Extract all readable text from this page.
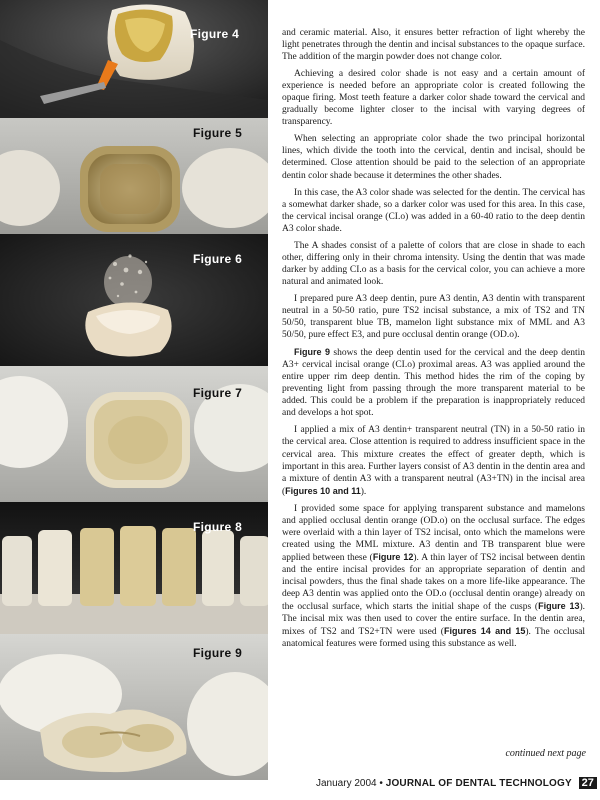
Figure 4
Figure 5
Figure 6
Figure 7
Figure 8
Figure 9

and ceramic material. Also, it ensures better refraction of light whereby the light penetrates through the dentin and incisal substances to the opaque surface. The addition of the margin powder does not change color.

Achieving a desired color shade is not easy and a certain amount of experience is needed before an appropriate color is created following the opaque firing. Most teeth feature a darker color shade toward the cervical and gradually become lighter closer to the incisal with varying degrees of transparency.

When selecting an appropriate color shade the two principal horizontal lines, which divide the tooth into the cervical, dentin and incisal, should be determined. Close attention should be paid to the selection of an appropriate dentin color shade because it determines the other shades.

In this case, the A3 color shade was selected for the dentin. The cervical has a somewhat darker shade, so a darker color was used for this area. In this case, the cervical incisal orange (CI.o) was added in a 60-40 ratio to the deep dentin A3 color shade.

The A shades consist of a palette of colors that are close in shade to each other, differing only in their chroma intensity. Using the dentin that was made darker by adding CI.o as a basis for the cervical color, you can achieve a more natural and animated look.

I prepared pure A3 deep dentin, pure A3 dentin, A3 dentin with transparent neutral in a 50-50 ratio, pure TS2 incisal substance, a mix of TS2 and TN 50/50, transparent blue TB, mamelon light substance mix of MML and A3 50/50, pure effect E3, and pure occlusal dentin orange (OD.o).

Figure 9 shows the deep dentin used for the cervical and the deep dentin A3+ cervical incisal orange (CI.o) proximal areas. A3 was applied around the entire upper rim deep dentin. This method hides the rim of the coping by preventing light from passing through the more transparent material to be added. This could be a problem if the preparation is inappropriately reduced and develops a hot spot.

I applied a mix of A3 dentin+ transparent neutral (TN) in a 50-50 ratio in the cervical area. Close attention is required to address insufficient space in the cervical area. This mixture creates the effect of greater depth, which is important in this area. Further layers consist of A3 dentin in the dentin area and a mixture of dentin A3 with a transparent neutral (A3+TN) in the incisal area (Figures 10 and 11).

I provided some space for applying transparent substance and mamelons and applied occlusal dentin orange (OD.o) on the occlusal surface. The edges were overlaid with a thin layer of TS2 incisal, onto which the mamelons were created using the MML mixture. A3 dentin and TB transparent blue were applied between these (Figure 12). A thin layer of TS2 incisal between dentin and the entire incisal provides for an appropriate separation of dentin and incisal powders, thus the final shade takes on a more life-like appearance. The deep A3 dentin was applied onto the OD.o (occlusal dentin orange) already on the occlusal surface, which starts the initial shape of the cusps (Figure 13). The incisal mix was then used to cover the entire surface. In the dentin area, mixes of TS2 and TS2+TN were used (Figures 14 and 15). The occlusal anatomical features were formed using this substance as well.

continued next page
January 2004 • JOURNAL OF DENTAL TECHNOLOGY 27
